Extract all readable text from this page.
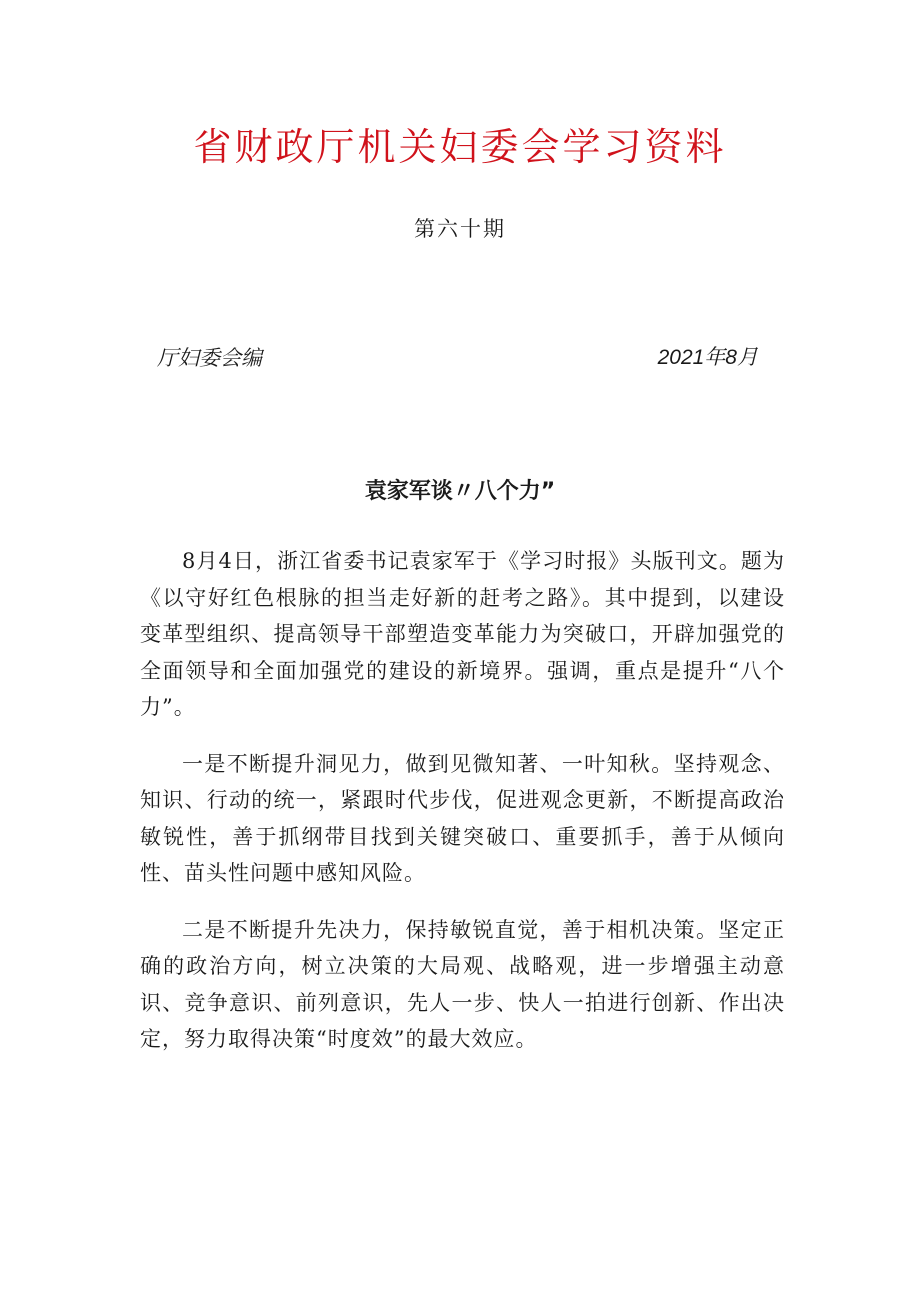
省财政厅机关妇委会学习资料
第六十期
厅妇委会编	2021年8月
袁家军谈〃八个力”

8月4日，浙江省委书记袁家军于《学习时报》头版刊文。题为《以守好红色根脉的担当走好新的赶考之路》。其中提到，以建设变革型组织、提高领导干部塑造变革能力为突破口，开辟加强党的全面领导和全面加强党的建设的新境界。强调，重点是提升“八个力”。

一是不断提升洞见力，做到见微知著、一叶知秋。坚持观念、知识、行动的统一，紧跟时代步伐，促进观念更新，不断提高政治敏锐性，善于抓纲带目找到关键突破口、重要抓手，善于从倾向性、苗头性问题中感知风险。

二是不断提升先决力，保持敏锐直觉，善于相机决策。坚定正确的政治方向，树立决策的大局观、战略观，进一步增强主动意识、竞争意识、前列意识，先人一步、快人一拍进行创新、作出决定，努力取得决策“时度效”的最大效应。
